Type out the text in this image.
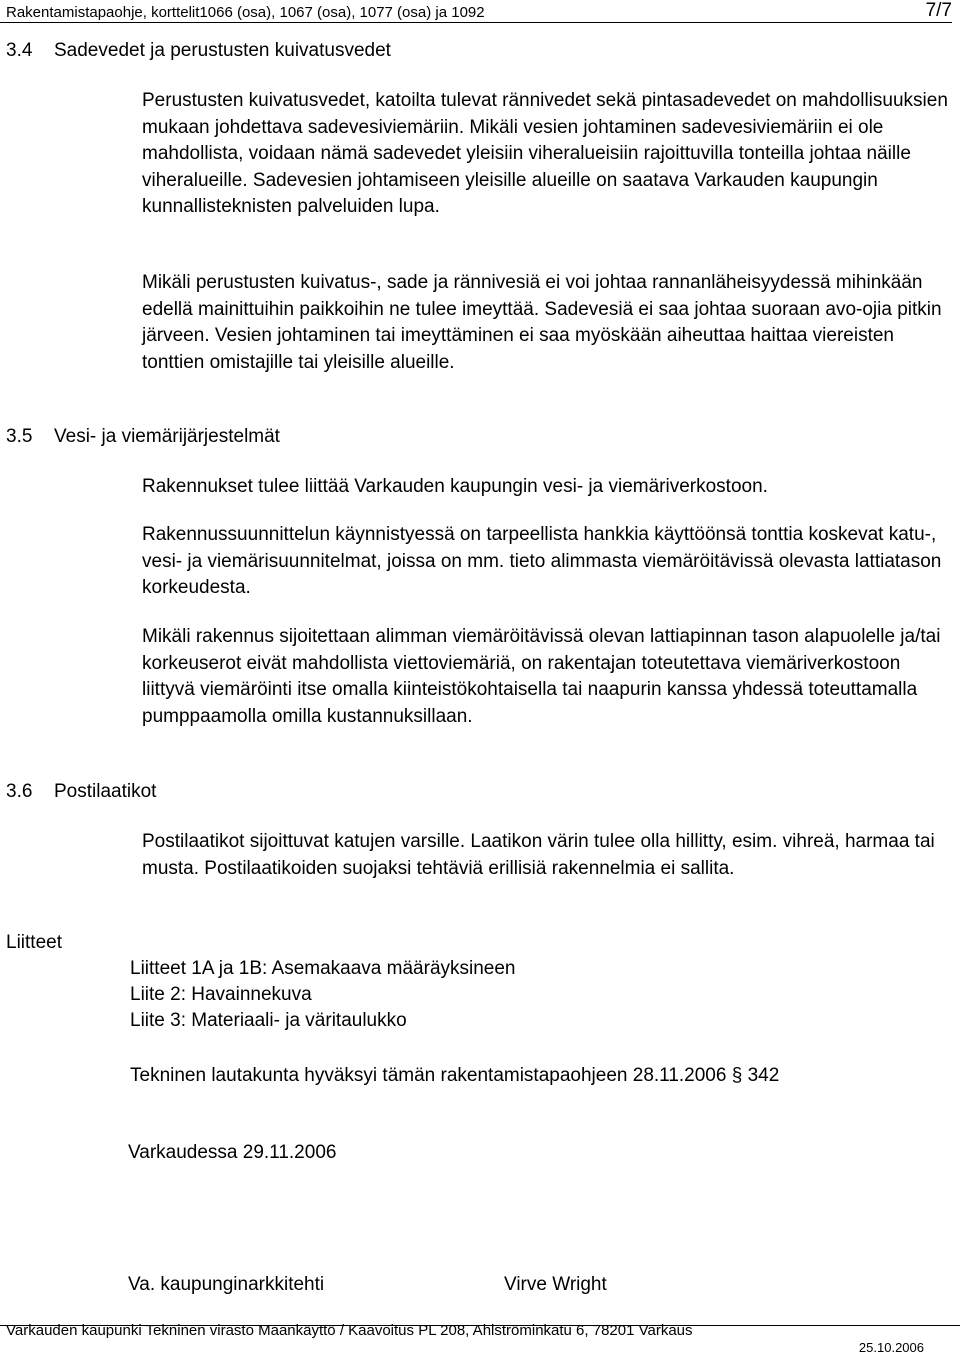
Rakentamistapaohje, korttelit1066 (osa), 1067 (osa), 1077 (osa) ja 1092	7/7
3.4 Sadevedet ja perustusten kuivatusvedet

Perustusten kuivatusvedet, katoilta tulevat rännivedet sekä pintasadevedet on mahdollisuuksien mukaan johdettava sadevesiviemäriin. Mikäli vesien johtaminen sadevesiviemäriin ei ole mahdollista, voidaan nämä sadevedet yleisiin viheralueisiin rajoittuvilla tonteilla johtaa näille viheralueille. Sadevesien johtamiseen yleisille alueille on saatava Varkauden kaupungin kunnallisteknisten palveluiden lupa.

Mikäli perustusten kuivatus-, sade ja rännivesiä ei voi johtaa rannanläheisyydessä mihinkään edellä mainittuihin paikkoihin ne tulee imeyttää. Sadevesiä ei saa johtaa suoraan avo-ojia pitkin järveen. Vesien johtaminen tai imeyttäminen ei saa myöskään aiheuttaa haittaa viereisten tonttien omistajille tai yleisille alueille.

3.5 Vesi- ja viemärijärjestelmät

Rakennukset tulee liittää Varkauden kaupungin vesi- ja viemäriverkostoon.

Rakennussuunnittelun käynnistyessä on tarpeellista hankkia käyttöönsä tonttia koskevat katu-, vesi- ja viemärisuunnitelmat, joissa on mm. tieto alimmasta viemäröitävissä olevasta lattiatason korkeudesta.

Mikäli rakennus sijoitettaan alimman viemäröitävissä olevan lattiapinnan tason alapuolelle ja/tai korkeuserot eivät mahdollista viettoviemäriä, on rakentajan toteutettava viemäriverkostoon liittyvä viemäröinti itse omalla kiinteistökohtaisella tai naapurin kanssa yhdessä toteuttamalla pumppaamolla omilla kustannuksillaan.

3.6 Postilaatikot

Postilaatikot sijoittuvat katujen varsille. Laatikon värin tulee olla hillitty, esim. vihreä, harmaa tai musta. Postilaatikoiden suojaksi tehtäviä erillisiä rakennelmia ei sallita.

Liitteet
Liitteet 1A ja 1B: Asemakaava määräyksineen
Liite 2: Havainnekuva
Liite 3: Materiaali- ja väritaulukko
Tekninen lautakunta hyväksyi tämän rakentamistapaohjeen 28.11.2006 § 342
Varkaudessa 29.11.2006
Va. kaupunginarkkitehti	Virve Wright
Varkauden kaupunki Tekninen virasto Maankäyttö / Kaavoitus PL 208, Ahlströminkatu 6, 78201 Varkaus
25.10.2006
